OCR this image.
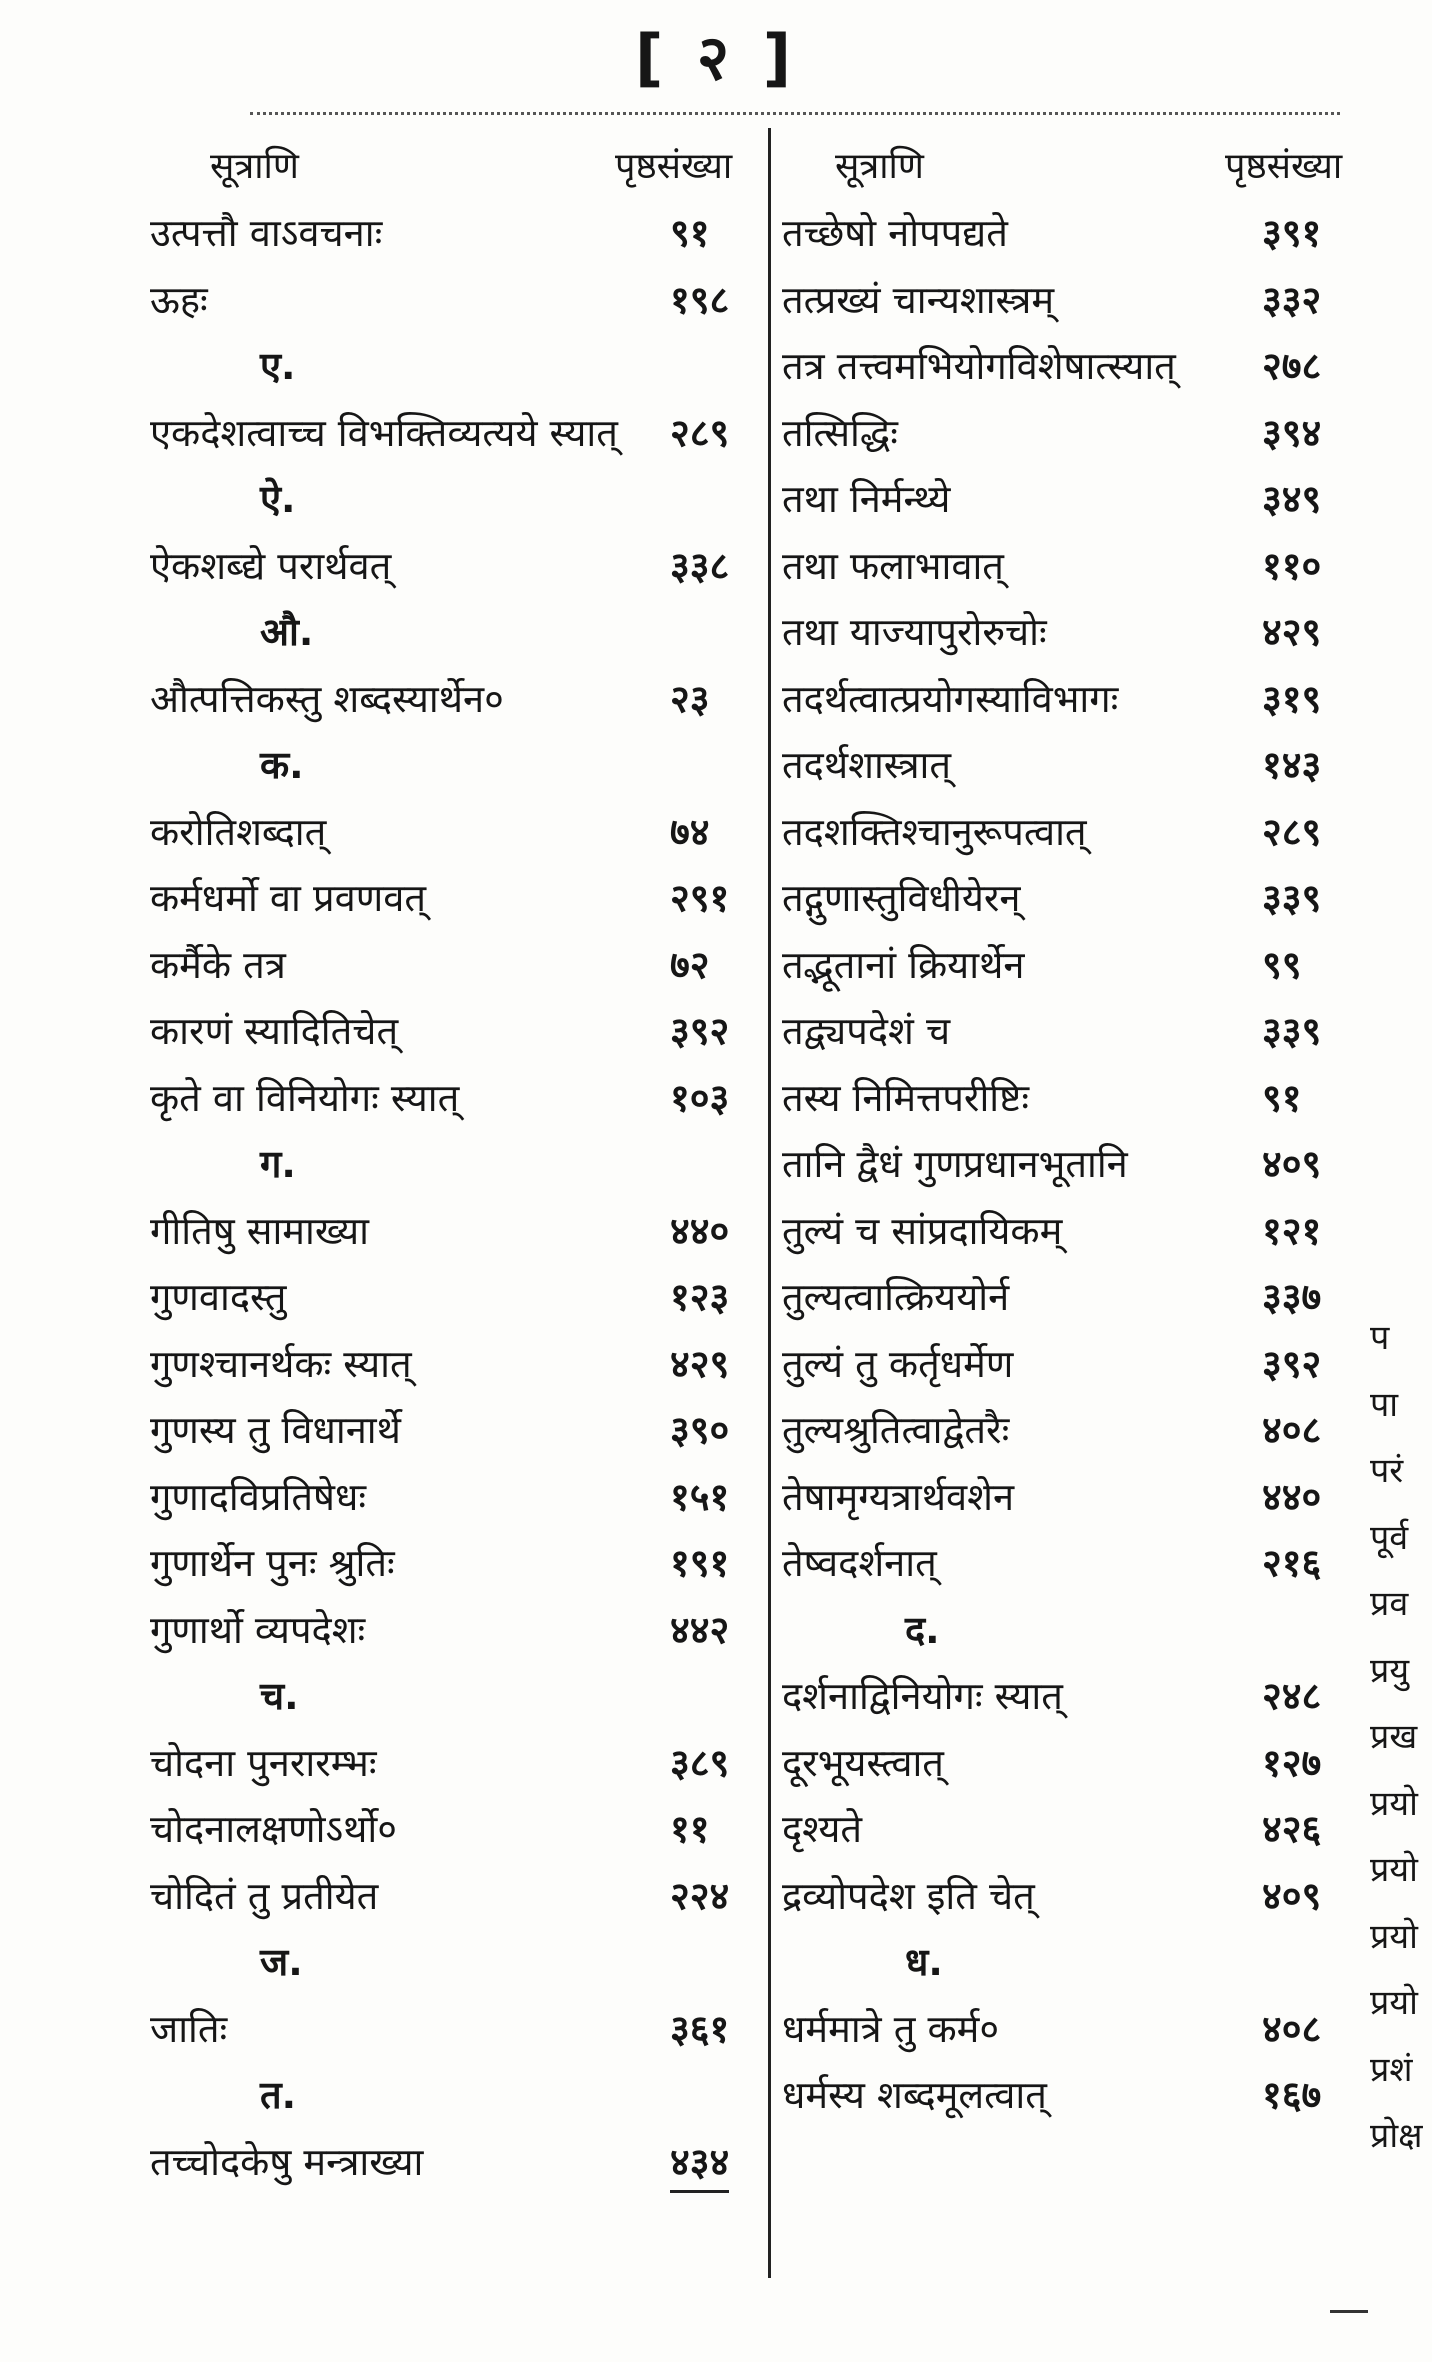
[ २ ]
सूत्राणि	पृष्ठसंख्या	सूत्राणि	पृष्ठसंख्या
उत्पत्तौ वाऽवचनाः	९१
ऊहः	१९८
ए.
एकदेशत्वाच्च विभक्तिव्यत्यये स्यात् २८९
ऐ.
ऐकशब्द्ये परार्थवत्	३३८
औ.
औत्पत्तिकस्तु शब्दस्यार्थेन०	२३
क.
करोतिशब्दात्	७४
कर्मधर्मो वा प्रवणवत्	२९१
कर्मैके तत्र	७२
कारणं स्यादितिचेत्	३९२
कृते वा विनियोगः स्यात्	१०३
ग.
गीतिषु सामाख्या	४४०
गुणवादस्तु	१२३
गुणश्चानर्थकः स्यात्	४२९
गुणस्य तु विधानार्थे	३९०
गुणादविप्रतिषेधः	१५१
गुणार्थेन पुनः श्रुतिः	१९१
गुणार्थो व्यपदेशः	४४२
च.
चोदना पुनरारम्भः	३८९
चोदनालक्षणोऽर्थो०	११
चोदितं तु प्रतीयेत	२२४
ज.
जातिः	३६१
त.
तच्चोदकेषु मन्त्राख्या	४३४
तच्छेषो नोपपद्यते	३९१
तत्प्रख्यं चान्यशास्त्रम्	३३२
तत्र तत्त्वमभियोगविशेषात्स्यात् २७८
तत्सिद्धिः	३९४
तथा निर्मन्थ्ये	३४९
तथा फलाभावात्	११०
तथा याज्यापुरोरुचोः	४२९
तदर्थत्वात्प्रयोगस्याविभागः	३१९
तदर्थशास्त्रात्	१४३
तदशक्तिश्चानुरूपत्वात्	२८९
तद्गुणास्तुविधीयेरन्	३३९
तद्भूतानां क्रियार्थेन	९९
तद्व्यपदेशं च	३३९
तस्य निमित्तपरीष्टिः	९१
तानि द्वैधं गुणप्रधानभूतानि	४०९
तुल्यं च सांप्रदायिकम्	१२१
तुल्यत्वात्क्रिययोर्न	३३७
तुल्यं तु कर्तृधर्मेण	३९२
तुल्यश्रुतित्वाद्वेतरैः	४०८
तेषामृग्यत्रार्थवशेन	४४०
तेष्वदर्शनात्	२१६
द.
दर्शनाद्विनियोगः स्यात्	२४८
दूरभूयस्त्वात्	१२७
दृश्यते	४२६
द्रव्योपदेश इति चेत्	४०९
ध.
धर्ममात्रे तु कर्म०	४०८
धर्मस्य शब्दमूलत्वात्	१६७
प
पा
परं
पूर्व
प्रव
प्रयु
प्रख
प्रयो
प्रयो
प्रयो
प्रयो
प्रशं
प्रोक्ष
